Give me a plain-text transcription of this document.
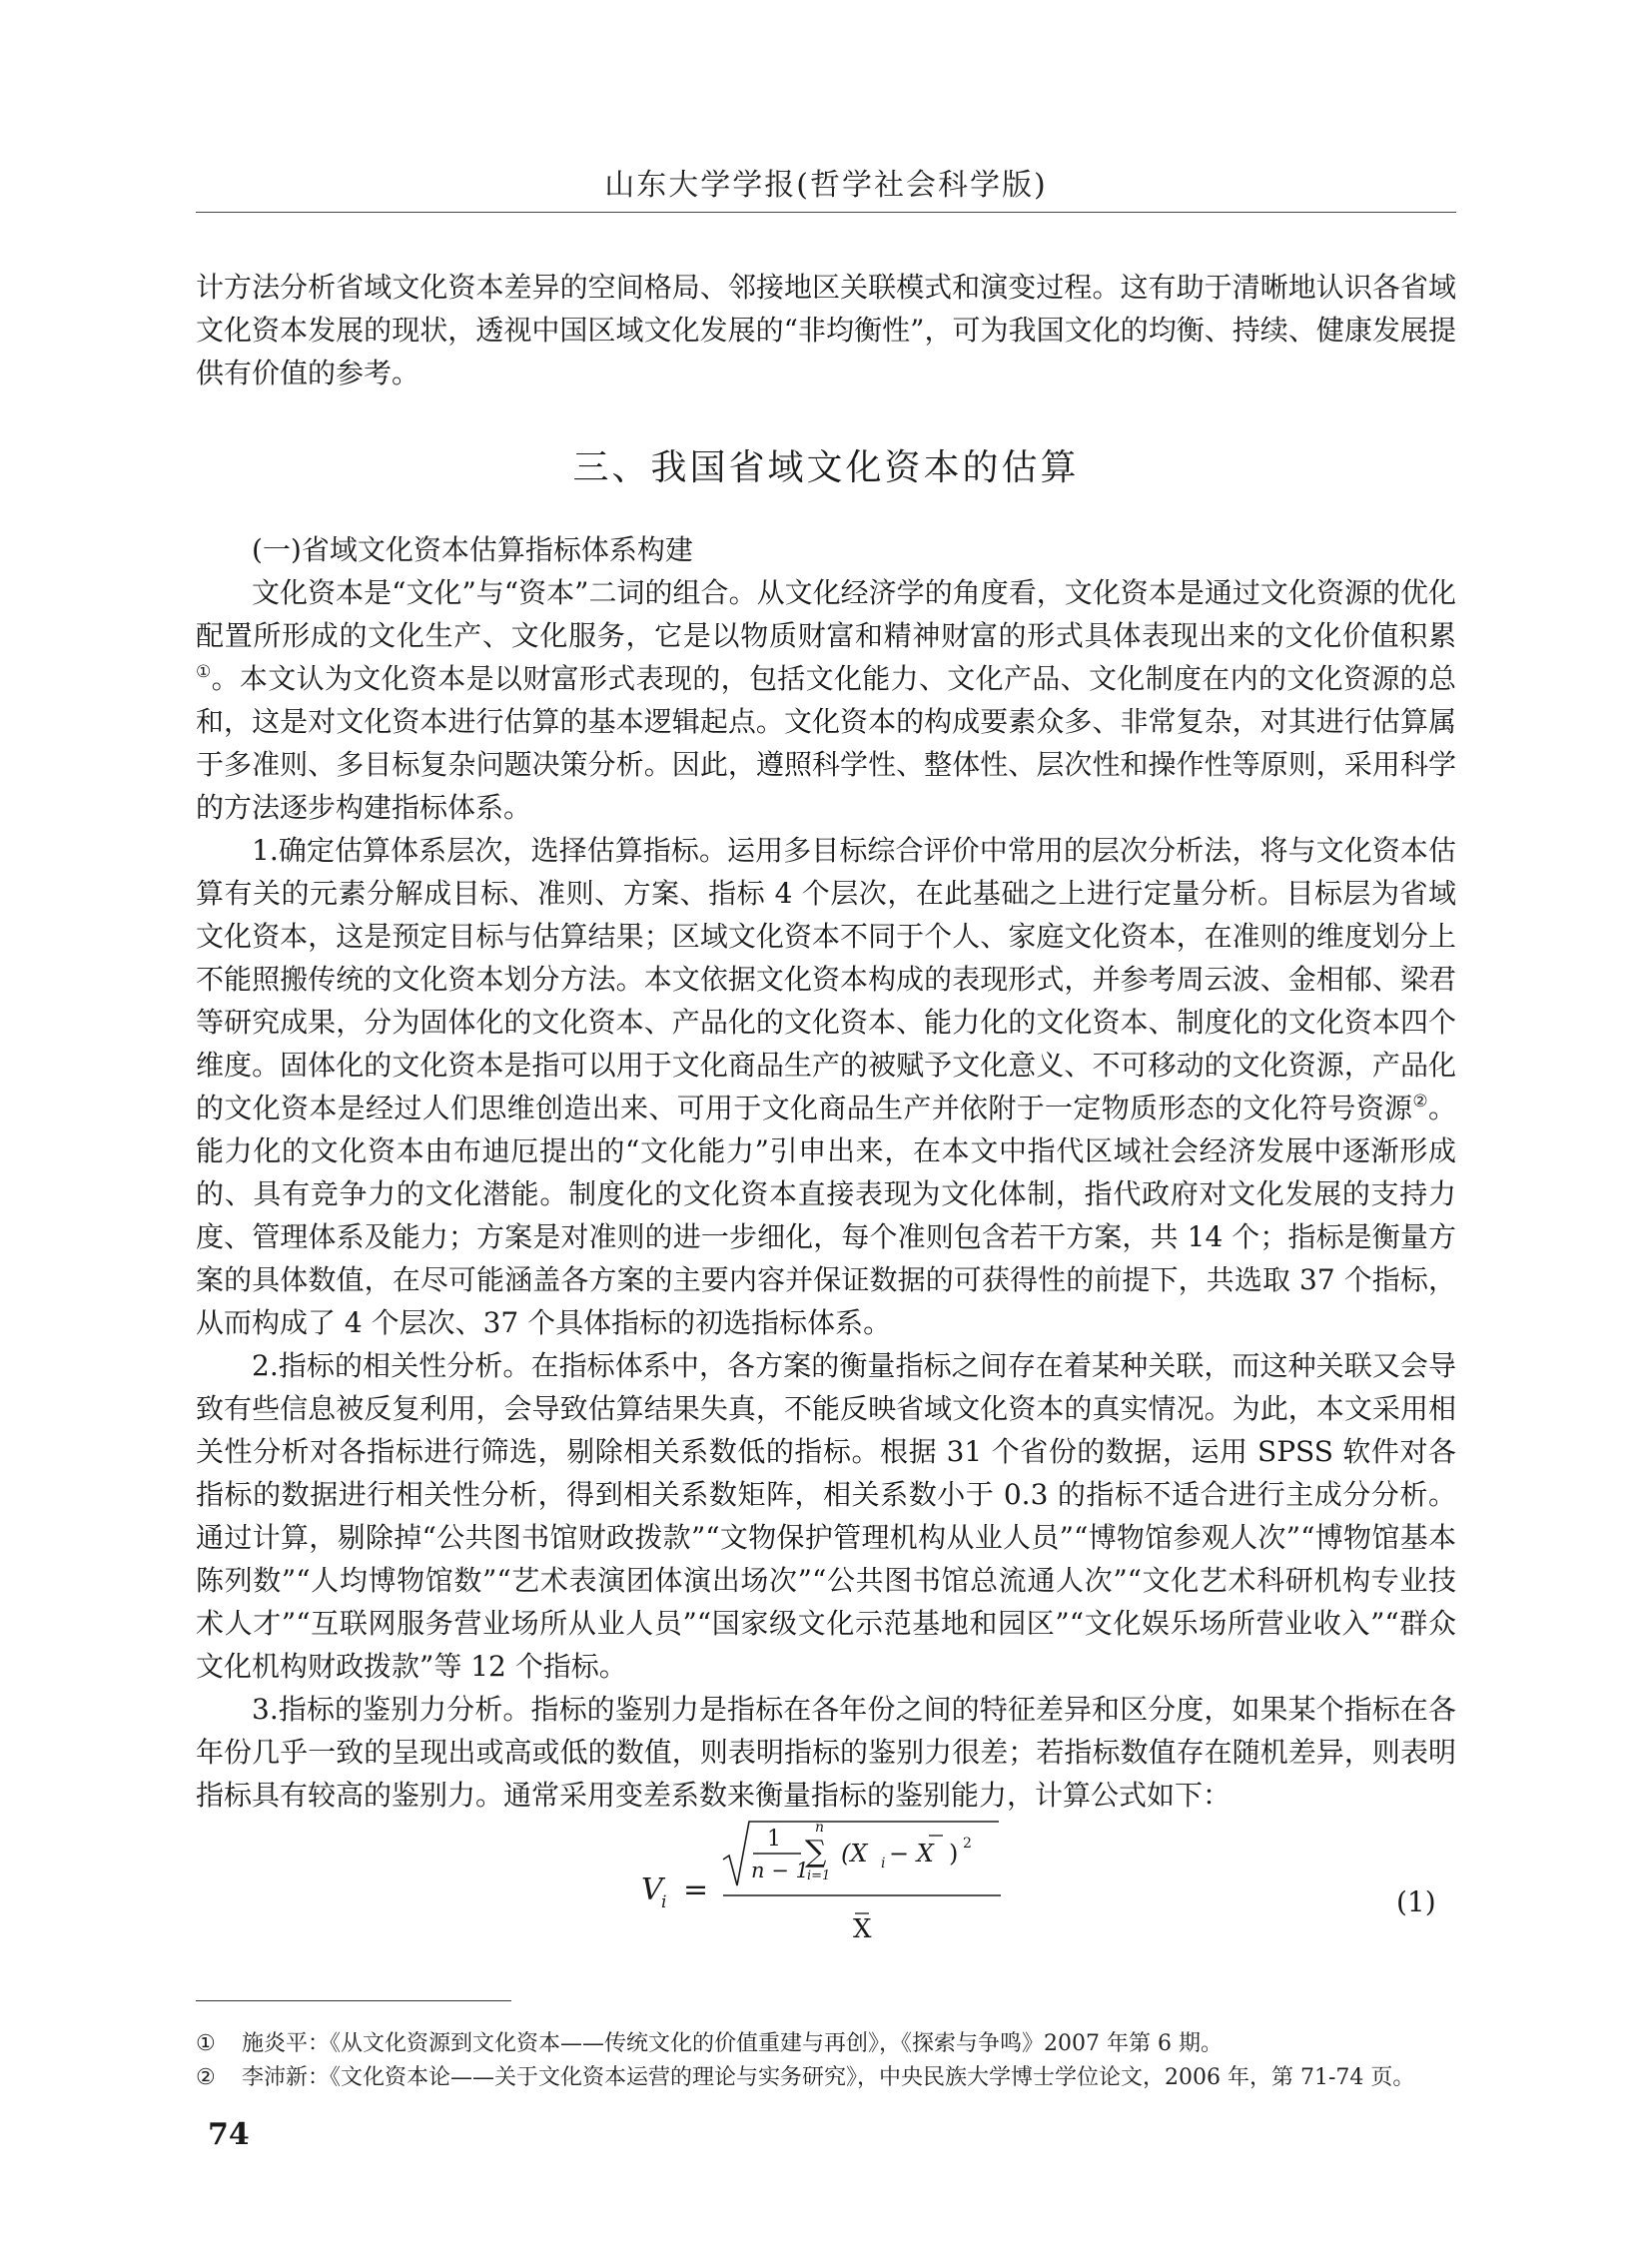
山东大学学报(哲学社会科学版)

计方法分析省域文化资本差异的空间格局、邻接地区关联模式和演变过程。这有助于清晰地认识各省域文化资本发展的现状，透视中国区域文化发展的“非均衡性”，可为我国文化的均衡、持续、健康发展提供有价值的参考。

三、我国省域文化资本的估算

(一)省域文化资本估算指标体系构建

文化资本是“文化”与“资本”二词的组合。从文化经济学的角度看，文化资本是通过文化资源的优化配置所形成的文化生产、文化服务，它是以物质财富和精神财富的形式具体表现出来的文化价值积累①。本文认为文化资本是以财富形式表现的，包括文化能力、文化产品、文化制度在内的文化资源的总和，这是对文化资本进行估算的基本逻辑起点。文化资本的构成要素众多、非常复杂，对其进行估算属于多准则、多目标复杂问题决策分析。因此，遵照科学性、整体性、层次性和操作性等原则，采用科学的方法逐步构建指标体系。

1.确定估算体系层次，选择估算指标。运用多目标综合评价中常用的层次分析法，将与文化资本估算有关的元素分解成目标、准则、方案、指标 4 个层次，在此基础之上进行定量分析。目标层为省域文化资本，这是预定目标与估算结果；区域文化资本不同于个人、家庭文化资本，在准则的维度划分上不能照搬传统的文化资本划分方法。本文依据文化资本构成的表现形式，并参考周云波、金相郁、梁君等研究成果，分为固体化的文化资本、产品化的文化资本、能力化的文化资本、制度化的文化资本四个维度。固体化的文化资本是指可以用于文化商品生产的被赋予文化意义、不可移动的文化资源，产品化的文化资本是经过人们思维创造出来、可用于文化商品生产并依附于一定物质形态的文化符号资源②。能力化的文化资本由布迪厄提出的“文化能力”引申出来，在本文中指代区域社会经济发展中逐渐形成的、具有竞争力的文化潜能。制度化的文化资本直接表现为文化体制，指代政府对文化发展的支持力度、管理体系及能力；方案是对准则的进一步细化，每个准则包含若干方案，共 14 个；指标是衡量方案的具体数值，在尽可能涵盖各方案的主要内容并保证数据的可获得性的前提下，共选取 37 个指标，从而构成了 4 个层次、37 个具体指标的初选指标体系。

2.指标的相关性分析。在指标体系中，各方案的衡量指标之间存在着某种关联，而这种关联又会导致有些信息被反复利用，会导致估算结果失真，不能反映省域文化资本的真实情况。为此，本文采用相关性分析对各指标进行筛选，剔除相关系数低的指标。根据 31 个省份的数据，运用 SPSS 软件对各指标的数据进行相关性分析，得到相关系数矩阵，相关系数小于 0.3 的指标不适合进行主成分分析。通过计算，剔除掉“公共图书馆财政拨款”“文物保护管理机构从业人员”“博物馆参观人次”“博物馆基本陈列数”“人均博物馆数”“艺术表演团体演出场次”“公共图书馆总流通人次”“文化艺术科研机构专业技术人才”“互联网服务营业场所从业人员”“国家级文化示范基地和园区”“文化娱乐场所营业收入”“群众文化机构财政拨款”等 12 个指标。

3.指标的鉴别力分析。指标的鉴别力是指标在各年份之间的特征差异和区分度，如果某个指标在各年份几乎一致的呈现出或高或低的数值，则表明指标的鉴别力很差；若指标数值存在随机差异，则表明指标具有较高的鉴别力。通常采用变差系数来衡量指标的鉴别能力，计算公式如下：

V
i =
1
n − 1
n
∑
i=1
(X i − X ) 2
X
(1)
① 施炎平：《从文化资源到文化资本——传统文化的价值重建与再创》，《探索与争鸣》2007 年第 6 期。
② 李沛新：《文化资本论——关于文化资本运营的理论与实务研究》，中央民族大学博士学位论文，2006 年，第 71-74 页。
74
